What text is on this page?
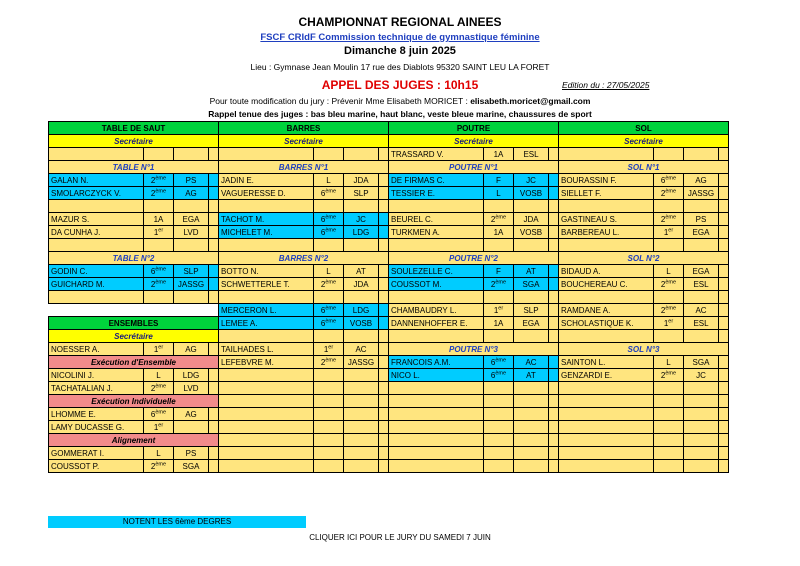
CHAMPIONNAT REGIONAL AINEES
FSCF CRIdF Commission technique de gymnastique féminine
Dimanche 8 juin 2025
Lieu : Gymnase Jean Moulin 17 rue des Diablots 95320 SAINT LEU LA FORET
APPEL DES JUGES : 10h15	Edition du : 27/05/2025
Pour toute modification du jury : Prévenir Mme Elisabeth MORICET : elisabeth.moricet@gmail.com
Rappel tenue des juges : bas bleu marine, haut blanc, veste bleue marine, chaussures de sport
TABLE DE SAUT				BARRES				POUTRE				SOL			
Secrétaire				Secrétaire				Secrétaire				Secrétaire			
								TRASSARD V.	1A	ESL					
TABLE N°1				BARRES N°1				POUTRE N°1				SOL N°1			
GALAN N.	2ème	PS		JADIN E.	L	JDA		DE FIRMAS C.	F	JC		BOURASSIN F.	6ème	AG	
SMOLARCZYCK V.	2ème	AG		VAGUERESSE D.	6ème	SLP		TESSIER E.	L	VOSB		SIELLET F.	2ème	JASSG	

MAZUR S.	1A	EGA		TACHOT M.	6ème	JC		BEUREL C.	2ème	JDA		GASTINEAU S.	2ème	PS	
DA CUNHA J.	1er	LVD		MICHELET M.	6ème	LDG		TURKMEN A.	1A	VOSB		BARBEREAU L.	1er	EGA	

TABLE N°2				BARRES N°2				POUTRE N°2				SOL N°2			
GODIN C.	6ème	SLP		BOTTO N.	L	AT		SOULEZELLE C.	F	AT		BIDAUD A.	L	EGA	
GUICHARD M.	2ème	JASSG		SCHWETTERLE T.	2ème	JDA		COUSSOT M.	2ème	SGA		BOUCHEREAU C.	2ème	ESL	

				MERCERON L.	6ème	LDG		CHAMBAUDRY L.	1er	SLP		RAMDANE A.	2ème	AC	
ENSEMBLES				LEMEE A.	6ème	VOSB		DANNENHOFFER E.	1A	EGA		SCHOLASTIQUE K.	1er	ESL	
Secrétaire															
NOESSER A.	1er	AG		TAILHADES L.	1er	AC		POUTRE N°3				SOL N°3			
Exécution d'Ensemble				LEFEBVRE M.	2ème	JASSG		FRANCOIS A.M.	6ème	AC		SAINTON L.	L	SGA	
NICOLINI J.	L	LDG						NICO L.	6ème	AT		GENZARDI E.	2ème	JC	
TACHATALIAN J.	2ème	LVD													
Exécution Individuelle															
LHOMME E.	6ème	AG													
LAMY DUCASSE G.	1er														
Alignement															
GOMMERAT I.	L	PS													
COUSSOT P.	2ème	SGA													
NOTENT LES 6ème DEGRES
CLIQUER ICI POUR LE JURY DU SAMEDI 7 JUIN
